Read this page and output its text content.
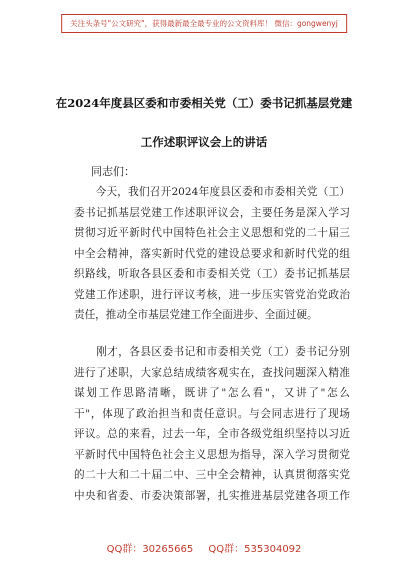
关注头条号"公文研究"，获得最新最全最专业的公文资料库！ 微信：gongwenyj
在2024年度县区委和市委相关党（工）委书记抓基层党建
工作述职评议会上的讲话
同志们：
　　今天，我们召开2024年度县区委和市委相关党（工）
委书记抓基层党建工作述职评议会，主要任务是深入学习
贯彻习近平新时代中国特色社会主义思想和党的二十届三
中全会精神，落实新时代党的建设总要求和新时代党的组
织路线，听取各县区委和市委相关党（工）委书记抓基层
党建工作述职，进行评议考核，进一步压实管党治党政治
责任，推动全市基层党建工作全面进步、全面过硬。
　　刚才，各县区委书记和市委相关党（工）委书记分别
进行了述职，大家总结成绩客观实在，查找问题深入精准
谋划工作思路清晰，既讲了"怎么看"，又讲了"怎么
干"，体现了政治担当和责任意识。与会同志进行了现场
评议。总的来看，过去一年，全市各级党组织坚持以习近
平新时代中国特色社会主义思想为指导，深入学习贯彻党
的二十大和二十届二中、三中全会精神，认真贯彻落实党
中央和省委、市委决策部署，扎实推进基层党建各项工作
QQ群：30265665 QQ群：535304092
